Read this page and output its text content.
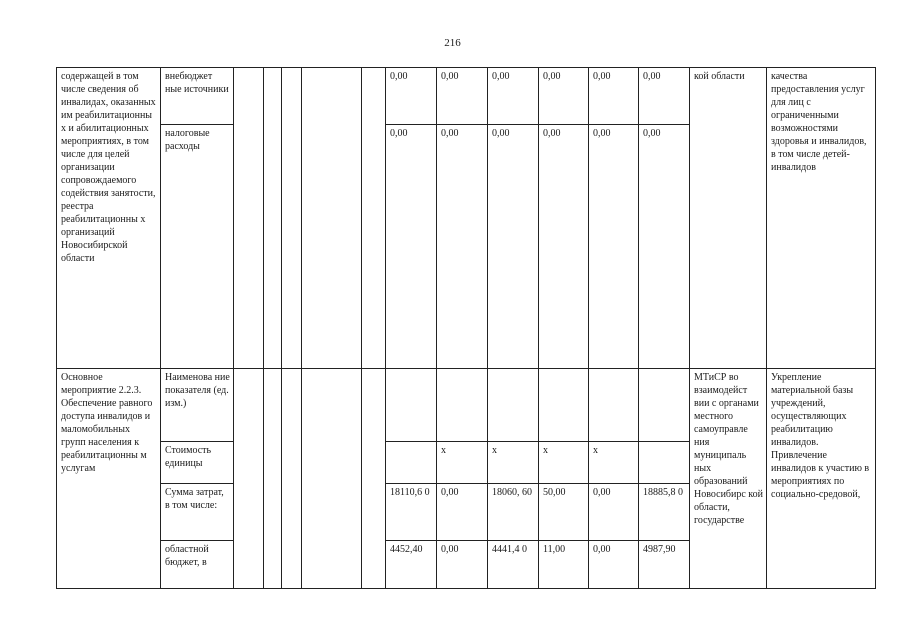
216
содержащей в том числе сведения об инвалидах, оказанных им реабилитационны х и абилитационных мероприятиях, в том числе для целей организации сопровождаемого содействия занятости, реестра реабилитационны х организаций Новосибирской области	внебюджет ные источники						0,00	0,00	0,00	0,00	0,00	0,00	кой области	качества предоставления услуг для лиц с ограниченными возможностями здоровья и инвалидов, в том числе детей-инвалидов
	налоговые расходы						0,00	0,00	0,00	0,00	0,00	0,00		
Основное мероприятие 2.2.3. Обеспечение равного доступа инвалидов и маломобильных групп населения к реабилитационны м услугам	Наименова ние показателя (ед. изм.)												МТиСР во взаимодейст вии с органами местного самоуправле ния муниципаль ных образований Новосибирс кой области, государстве	Укрепление материальной базы учреждений, осуществляющих реабилитацию инвалидов. Привлечение инвалидов к участию в мероприятиях по социально-средовой,
	Стоимость единицы							х	х	х	х			
	Сумма затрат, в том числе:						18110,6 0	0,00	18060, 60	50,00	0,00	18885,8 0		
	областной бюджет, в						4452,40	0,00	4441,4 0	11,00	0,00	4987,90		
